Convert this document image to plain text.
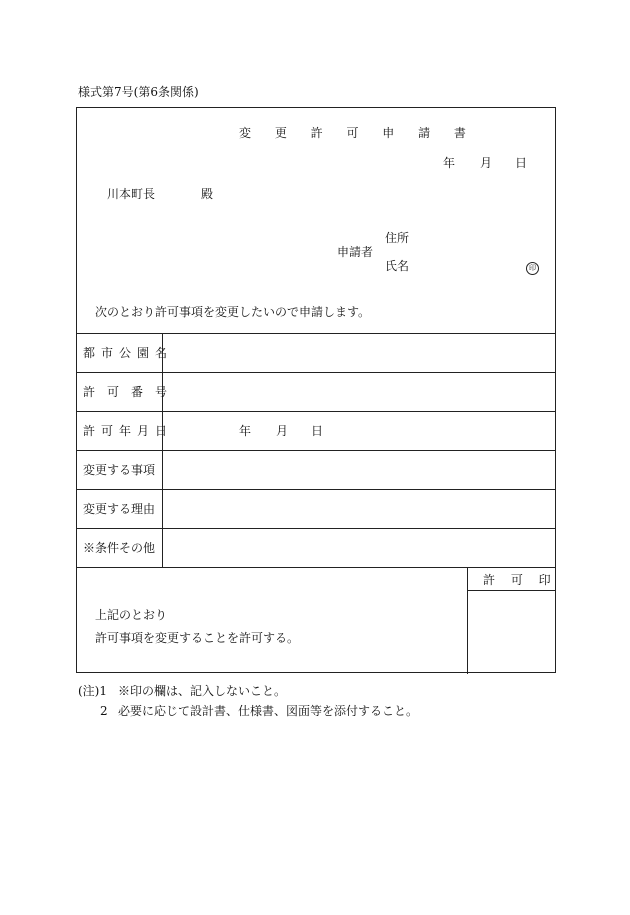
様式第7号(第6条関係)
変 更 許 可 申 請 書
年 月 日
川本町長	殿
住所
申請者
氏名	印
次のとおり許可事項を変更したいので申請します。
都市公園名
許可番号
許可年月日
変更する事項
変更する理由
※条件その他
年 月 日
許 可 印
上記のとおり
許可事項を変更することを許可する。
(注)1 ※印の欄は、記入しないこと。
2 必要に応じて設計書、仕様書、図面等を添付すること。
